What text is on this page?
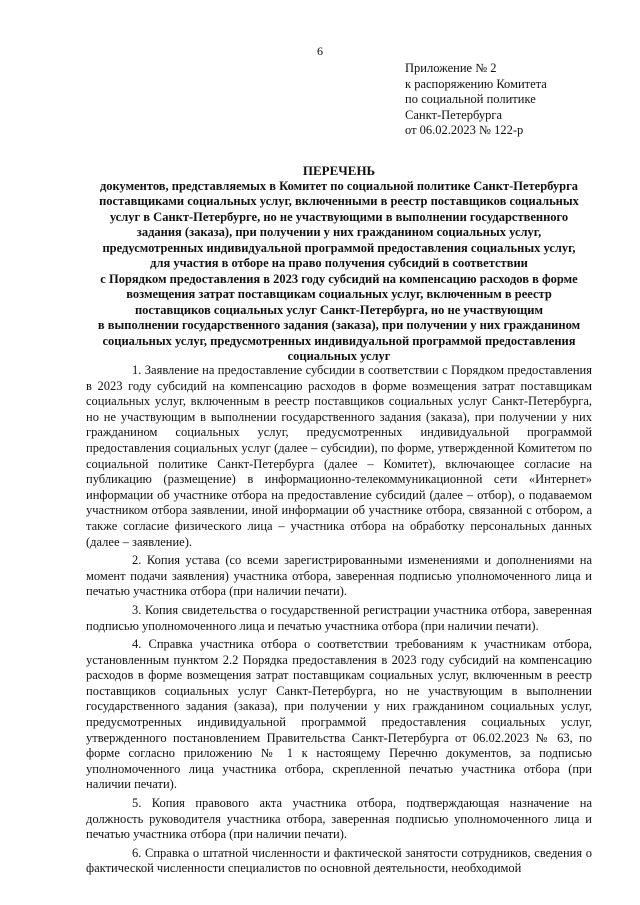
6
Приложение № 2
к распоряжению Комитета
по социальной политике
Санкт-Петербурга
от 06.02.2023 № 122-р
ПЕРЕЧЕНЬ
документов, представляемых в Комитет по социальной политике Санкт-Петербурга
поставщиками социальных услуг, включенными в реестр поставщиков социальных
услуг в Санкт-Петербурге, но не участвующими в выполнении государственного
задания (заказа), при получении у них гражданином социальных услуг,
предусмотренных индивидуальной программой предоставления социальных услуг,
для участия в отборе на право получения субсидий в соответствии
с Порядком предоставления в 2023 году субсидий на компенсацию расходов в форме
возмещения затрат поставщикам социальных услуг, включенным в реестр
поставщиков социальных услуг Санкт-Петербурга, но не участвующим
в выполнении государственного задания (заказа), при получении у них гражданином
социальных услуг, предусмотренных индивидуальной программой предоставления
социальных услуг

1. Заявление на предоставление субсидии в соответствии с Порядком предоставления в 2023 году субсидий на компенсацию расходов в форме возмещения затрат поставщикам социальных услуг, включенным в реестр поставщиков социальных услуг Санкт-Петербурга, но не участвующим в выполнении государственного задания (заказа), при получении у них гражданином социальных услуг, предусмотренных индивидуальной программой предоставления социальных услуг (далее – субсидии), по форме, утвержденной Комитетом по социальной политике Санкт-Петербурга (далее – Комитет), включающее согласие на публикацию (размещение) в информационно-телекоммуникационной сети «Интернет» информации об участнике отбора на предоставление субсидий (далее – отбор), о подаваемом участником отбора заявлении, иной информации об участнике отбора, связанной с отбором, а также согласие физического лица – участника отбора на обработку персональных данных (далее – заявление).

2. Копия устава (со всеми зарегистрированными изменениями и дополнениями на момент подачи заявления) участника отбора, заверенная подписью уполномоченного лица и печатью участника отбора (при наличии печати).

3. Копия свидетельства о государственной регистрации участника отбора, заверенная подписью уполномоченного лица и печатью участника отбора (при наличии печати).

4. Справка участника отбора о соответствии требованиям к участникам отбора, установленным пунктом 2.2 Порядка предоставления в 2023 году субсидий на компенсацию расходов в форме возмещения затрат поставщикам социальных услуг, включенным в реестр поставщиков социальных услуг Санкт-Петербурга, но не участвующим в выполнении государственного задания (заказа), при получении у них гражданином социальных услуг, предусмотренных индивидуальной программой предоставления социальных услуг, утвержденного постановлением Правительства Санкт-Петербурга от 06.02.2023 № 63, по форме согласно приложению № 1 к настоящему Перечню документов, за подписью уполномоченного лица участника отбора, скрепленной печатью участника отбора (при наличии печати).

5. Копия правового акта участника отбора, подтверждающая назначение на должность руководителя участника отбора, заверенная подписью уполномоченного лица и печатью участника отбора (при наличии печати).

6. Справка о штатной численности и фактической занятости сотрудников, сведения о фактической численности специалистов по основной деятельности, необходимой
